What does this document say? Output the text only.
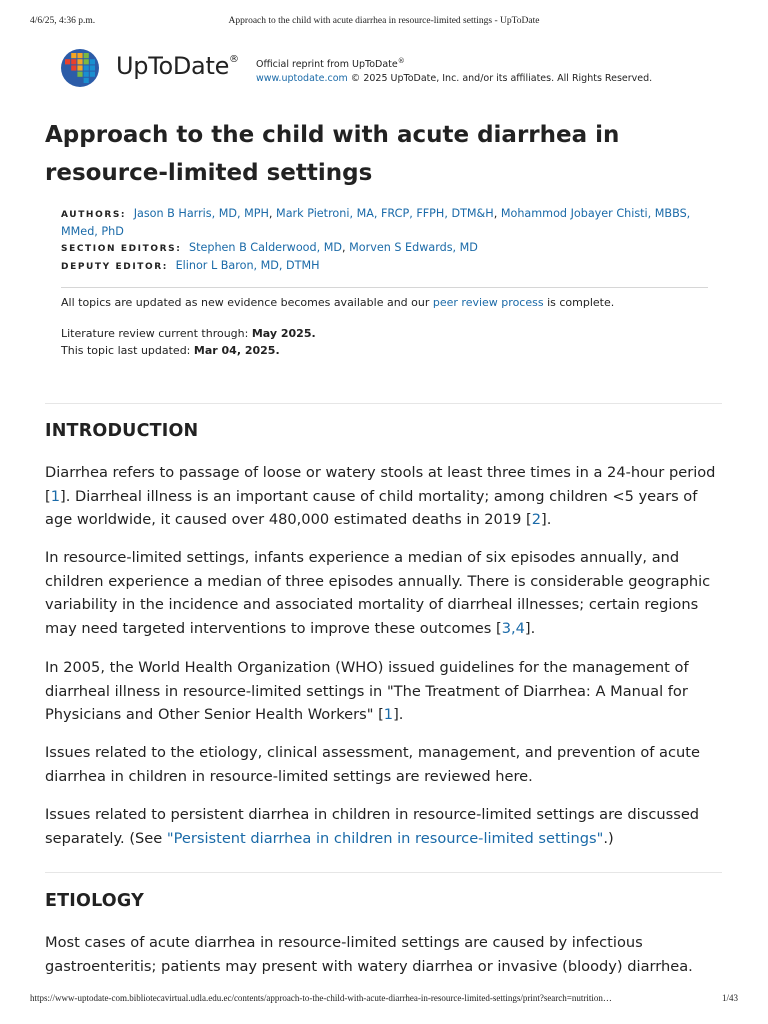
4/6/25, 4:36 p.m.	Approach to the child with acute diarrhea in resource-limited settings - UpToDate
UpToDate® Official reprint from UpToDate®
www.uptodate.com © 2025 UpToDate, Inc. and/or its affiliates. All Rights Reserved.
Approach to the child with acute diarrhea in resource-limited settings
AUTHORS: Jason B Harris, MD, MPH, Mark Pietroni, MA, FRCP, FFPH, DTM&H, Mohammod Jobayer Chisti, MBBS, MMed, PhD
SECTION EDITORS: Stephen B Calderwood, MD, Morven S Edwards, MD
DEPUTY EDITOR: Elinor L Baron, MD, DTMH
All topics are updated as new evidence becomes available and our peer review process is complete.
Literature review current through: May 2025.
This topic last updated: Mar 04, 2025.
INTRODUCTION

Diarrhea refers to passage of loose or watery stools at least three times in a 24-hour period [1]. Diarrheal illness is an important cause of child mortality; among children <5 years of age worldwide, it caused over 480,000 estimated deaths in 2019 [2].

In resource-limited settings, infants experience a median of six episodes annually, and children experience a median of three episodes annually. There is considerable geographic variability in the incidence and associated mortality of diarrheal illnesses; certain regions may need targeted interventions to improve these outcomes [3,4].

In 2005, the World Health Organization (WHO) issued guidelines for the management of diarrheal illness in resource-limited settings in "The Treatment of Diarrhea: A Manual for Physicians and Other Senior Health Workers" [1].

Issues related to the etiology, clinical assessment, management, and prevention of acute diarrhea in children in resource-limited settings are reviewed here.

Issues related to persistent diarrhea in children in resource-limited settings are discussed separately. (See "Persistent diarrhea in children in resource-limited settings".)

ETIOLOGY

Most cases of acute diarrhea in resource-limited settings are caused by infectious gastroenteritis; patients may present with watery diarrhea or invasive (bloody) diarrhea.

https://www-uptodate-com.bibliotecavirtual.udla.edu.ec/contents/approach-to-the-child-with-acute-diarrhea-in-resource-limited-settings/print?search=nutrition…	1/43
